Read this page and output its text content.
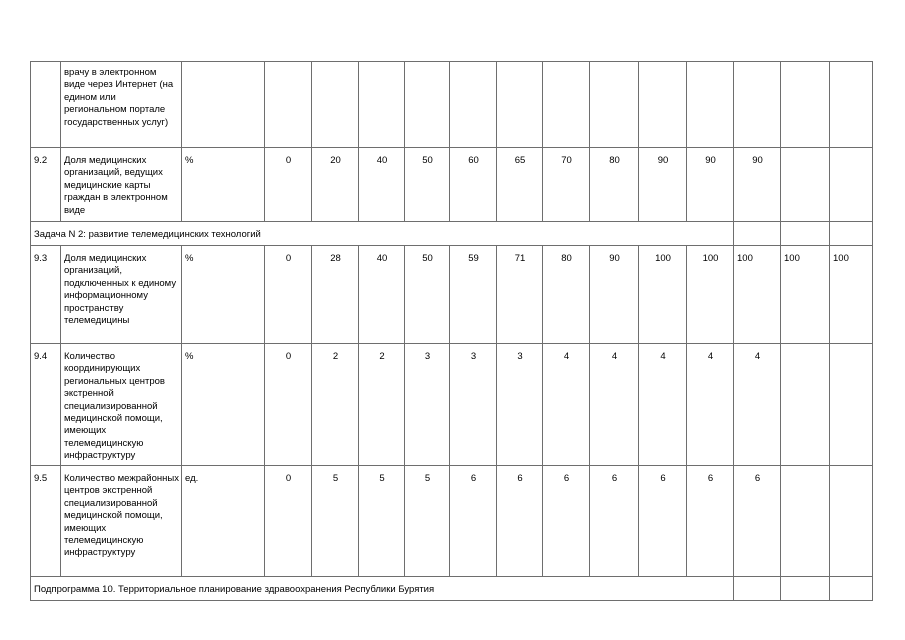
	врачу в электронном виде через Интернет (на едином или региональном портале государственных услуг)														
9.2	Доля медицинских организаций, ведущих медицинские карты граждан в электронном виде	%	0	20	40	50	60	65	70	80	90	90	90		
Задача N 2: развитие телемедицинских технологий															
9.3	Доля медицинских организаций, подключенных к единому информационному пространству телемедицины	%	0	28	40	50	59	71	80	90	100	100	100	100	100
9.4	Количество координирующих региональных центров экстренной специализированной медицинской помощи, имеющих телемедицинскую инфраструктуру	%	0	2	2	3	3	3	4	4	4	4	4		
9.5	Количество межрайонных центров экстренной специализированной медицинской помощи, имеющих телемедицинскую инфраструктуру	ед.	0	5	5	5	6	6	6	6	6	6	6		
Подпрограмма 10. Территориальное планирование здравоохранения Республики Бурятия															
